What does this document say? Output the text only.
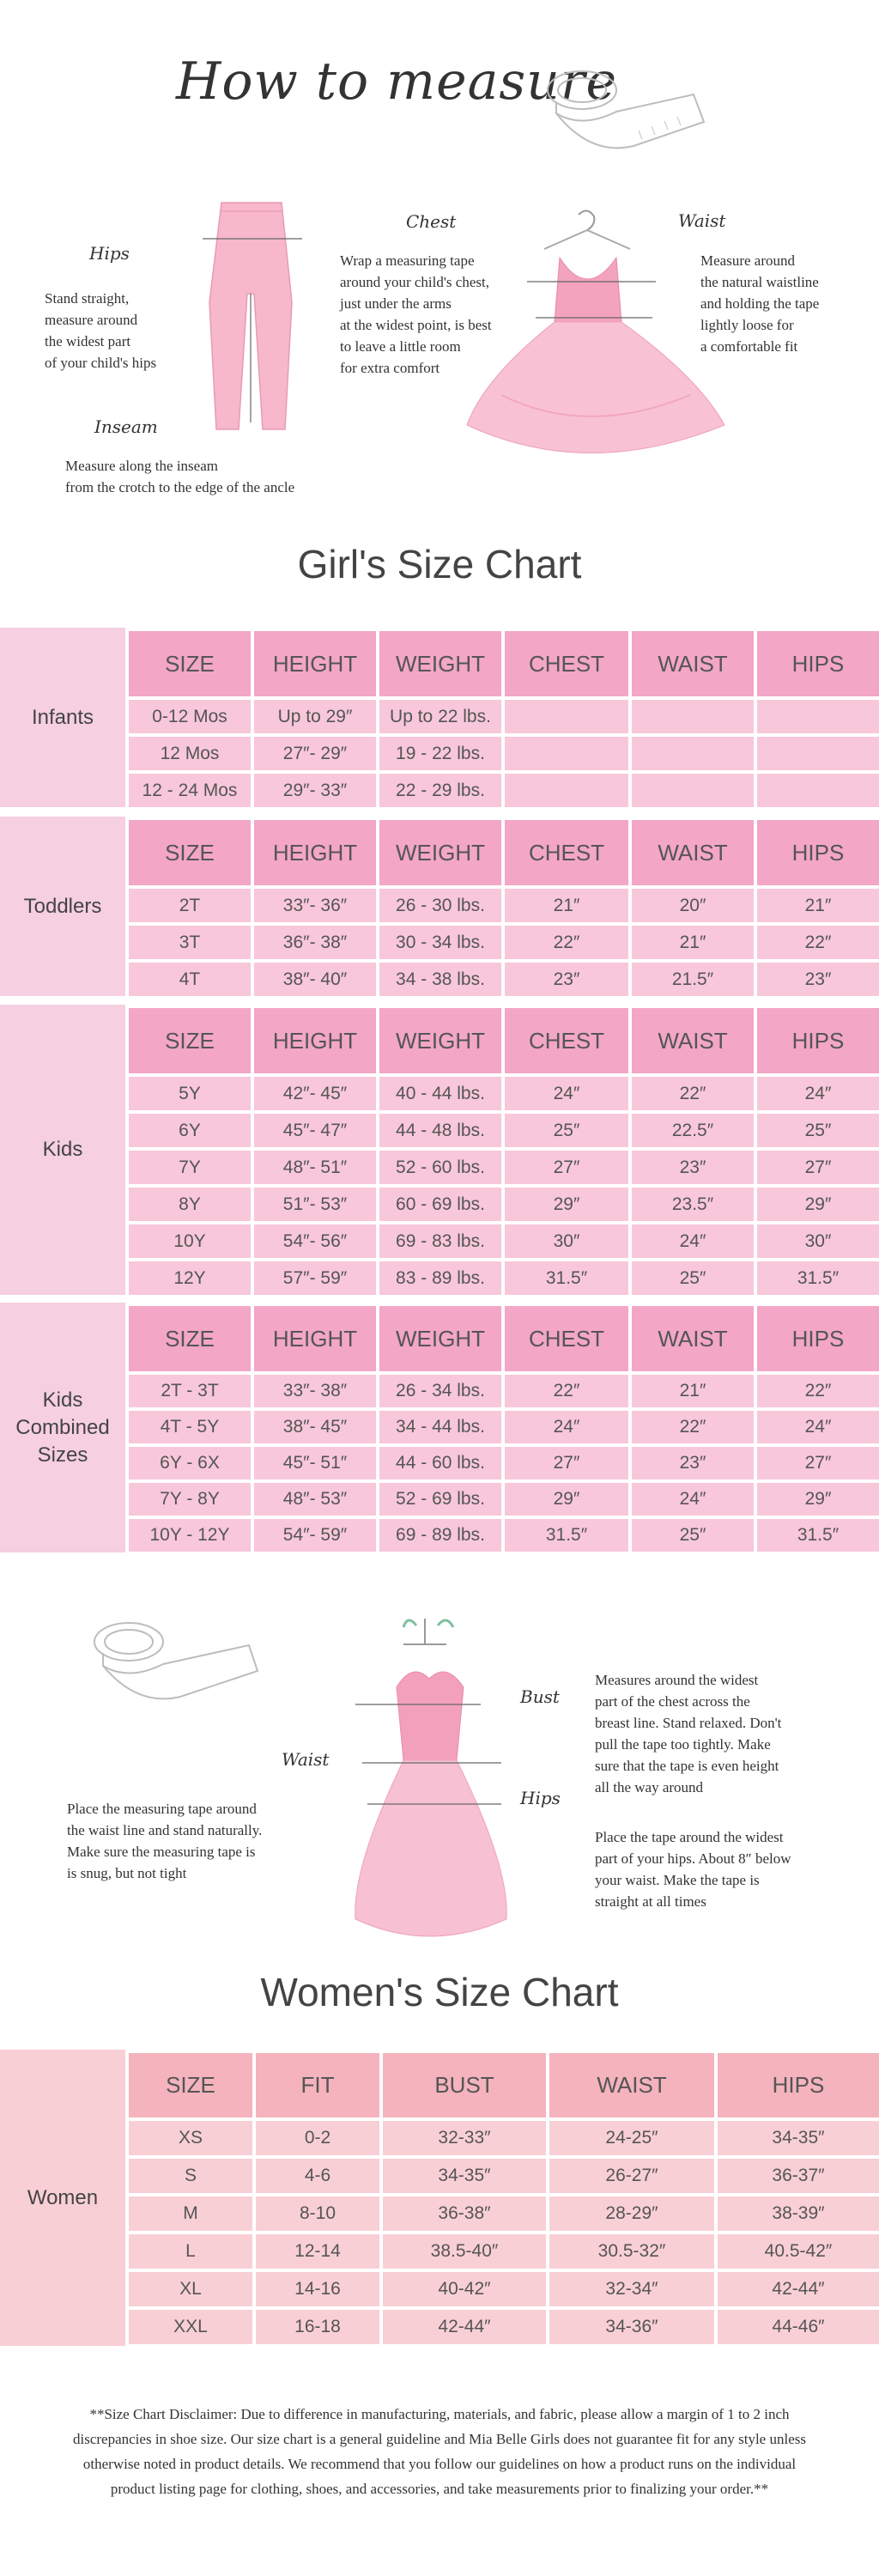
How to measure
Hips
Stand straight,
measure around
the widest part
of your child's hips
Inseam
Measure along the inseam
from the crotch to the edge of the ancle
Chest
Wrap a measuring tape
around your child's chest,
just under the arms
at the widest point, is best
to leave a little room
for extra comfort
Waist
Measure around
the natural waistline
and holding the tape
lightly loose for
a comfortable fit
Girl's Size Chart
Infants
SIZE	HEIGHT	WEIGHT	CHEST	WAIST	HIPS
0-12 Mos	Up to 29″	Up to 22 lbs.
12 Mos	27″- 29″	19 - 22 lbs.
12 - 24 Mos	29″- 33″	22 - 29 lbs.
Toddlers
SIZE	HEIGHT	WEIGHT	CHEST	WAIST	HIPS
2T	33″- 36″	26 - 30 lbs.	21″	20″	21″
3T	36″- 38″	30 - 34 lbs.	22″	21″	22″
4T	38″- 40″	34 - 38 lbs.	23″	21.5″	23″
Kids
SIZE	HEIGHT	WEIGHT	CHEST	WAIST	HIPS
5Y	42″- 45″	40 - 44 lbs.	24″	22″	24″
6Y	45″- 47″	44 - 48 lbs.	25″	22.5″	25″
7Y	48″- 51″	52 - 60 lbs.	27″	23″	27″
8Y	51″- 53″	60 - 69 lbs.	29″	23.5″	29″
10Y	54″- 56″	69 - 83 lbs.	30″	24″	30″
12Y	57″- 59″	83 - 89 lbs.	31.5″	25″	31.5″
Kids Combined Sizes
SIZE	HEIGHT	WEIGHT	CHEST	WAIST	HIPS
2T - 3T	33″- 38″	26 - 34 lbs.	22″	21″	22″
4T - 5Y	38″- 45″	34 - 44 lbs.	24″	22″	24″
6Y - 6X	45″- 51″	44 - 60 lbs.	27″	23″	27″
7Y - 8Y	48″- 53″	52 - 69 lbs.	29″	24″	29″
10Y - 12Y	54″- 59″	69 - 89 lbs.	31.5″	25″	31.5″
Bust
Measures around the widest
part of the chest across the
breast line. Stand relaxed. Don't
pull the tape too tightly. Make
sure that the tape is even height
all the way around
Waist
Place the measuring tape around
the waist line and stand naturally.
Make sure the measuring tape is
is snug, but not tight
Hips
Place the tape around the widest
part of your hips. About 8″ below
your waist. Make the tape is
straight at all times
Women's Size Chart
Women
SIZE	FIT	BUST	WAIST	HIPS
XS	0-2	32-33″	24-25″	34-35″
S	4-6	34-35″	26-27″	36-37″
M	8-10	36-38″	28-29″	38-39″
L	12-14	38.5-40″	30.5-32″	40.5-42″
XL	14-16	40-42″	32-34″	42-44″
XXL	16-18	42-44″	34-36″	44-46″
**Size Chart Disclaimer: Due to difference in manufacturing, materials, and fabric, please allow a margin of 1 to 2 inch discrepancies in shoe size. Our size chart is a general guideline and Mia Belle Girls does not guarantee fit for any style unless otherwise noted in product details. We recommend that you follow our guidelines on how a product runs on the individual product listing page for clothing, shoes, and accessories, and take measurements prior to finalizing your order.**
